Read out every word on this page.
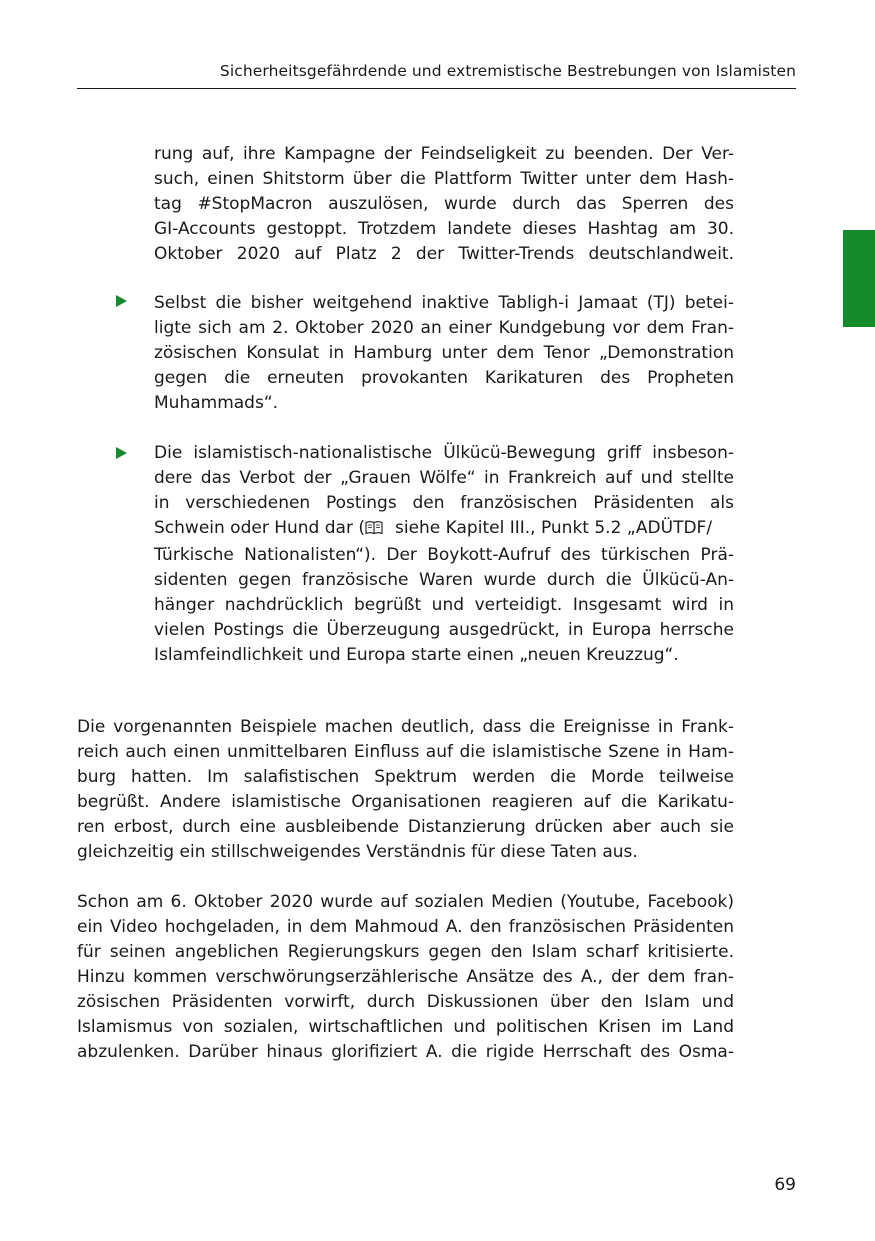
Sicherheitsgefährdende und extremistische Bestrebungen von Islamisten
rung auf, ihre Kampagne der Feindseligkeit zu beenden. Der Ver-
such, einen Shitstorm über die Plattform Twitter unter dem Hash-
tag #StopMacron auszulösen, wurde durch das Sperren des
GI-Accounts gestoppt. Trotzdem landete dieses Hashtag am 30.
Oktober 2020 auf Platz 2 der Twitter-Trends deutschlandweit.
Selbst die bisher weitgehend inaktive Tabligh-i Jamaat (TJ) betei-
ligte sich am 2. Oktober 2020 an einer Kundgebung vor dem Fran-
zösischen Konsulat in Hamburg unter dem Tenor „Demonstration
gegen die erneuten provokanten Karikaturen des Propheten
Muhammads“.
Die islamistisch-nationalistische Ülkücü-Bewegung griff insbeson-
dere das Verbot der „Grauen Wölfe“ in Frankreich auf und stellte
in verschiedenen Postings den französischen Präsidenten als
Schwein oder Hund dar ( siehe Kapitel III., Punkt 5.2 „ADÜTDF/
Türkische Nationalisten“). Der Boykott-Aufruf des türkischen Prä-
sidenten gegen französische Waren wurde durch die Ülkücü-An-
hänger nachdrücklich begrüßt und verteidigt. Insgesamt wird in
vielen Postings die Überzeugung ausgedrückt, in Europa herrsche
Islamfeindlichkeit und Europa starte einen „neuen Kreuzzug“.
Die vorgenannten Beispiele machen deutlich, dass die Ereignisse in Frank-
reich auch einen unmittelbaren Einfluss auf die islamistische Szene in Ham-
burg hatten. Im salafistischen Spektrum werden die Morde teilweise
begrüßt. Andere islamistische Organisationen reagieren auf die Karikatu-
ren erbost, durch eine ausbleibende Distanzierung drücken aber auch sie
gleichzeitig ein stillschweigendes Verständnis für diese Taten aus.
Schon am 6. Oktober 2020 wurde auf sozialen Medien (Youtube, Facebook)
ein Video hochgeladen, in dem Mahmoud A. den französischen Präsidenten
für seinen angeblichen Regierungskurs gegen den Islam scharf kritisierte.
Hinzu kommen verschwörungserzählerische Ansätze des A., der dem fran-
zösischen Präsidenten vorwirft, durch Diskussionen über den Islam und
Islamismus von sozialen, wirtschaftlichen und politischen Krisen im Land
abzulenken. Darüber hinaus glorifiziert A. die rigide Herrschaft des Osma-
69
